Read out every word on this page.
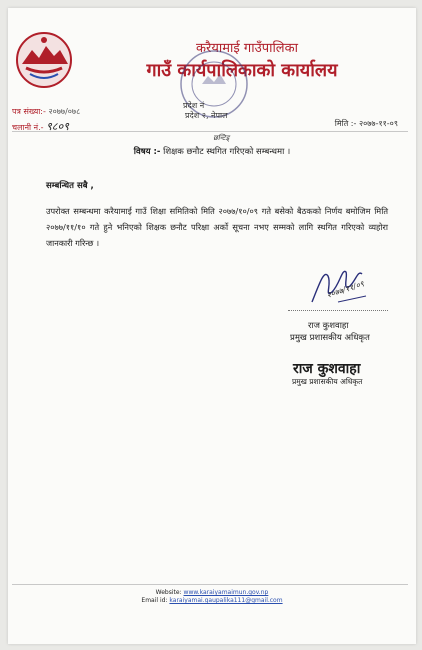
करैयामाई गाउँपालिका
गाउँ कार्यपालिकाको कार्यालय
प्रदेश नं
प्रदेश २, नेपाल
पत्र संख्या:- २०७७/०७८
चलानी नं.- ९८०९	मिति :- २०७७-११-०९
छन्टिड्
विषय :- शिक्षक छनौट स्थगित गरिएको सम्बन्धमा ।
सम्बन्धित सबै ,
उपरोक्त सम्बन्धमा करैयामाई गाउँ शिक्षा समितिको मिति २०७७/१०/०९ गते बसेको बैठकको निर्णय बमोजिम मिति २०७७/११/१० गते हुने भनिएको शिक्षक छनौट परिक्षा अर्को सूचना नभए सम्मको लागि स्थगित गरिएको व्यहोरा जानकारी गरिन्छ ।
२०७७/११/०९
राज कुशवाहा
प्रमुख प्रशासकीय अधिकृत
राज कुशवाहा
प्रमुख प्रशासकीय अधिकृत
Website: www.karaiyamaimun.gov.np
Email id: karaiyamai.gaupalika111@gmail.com
